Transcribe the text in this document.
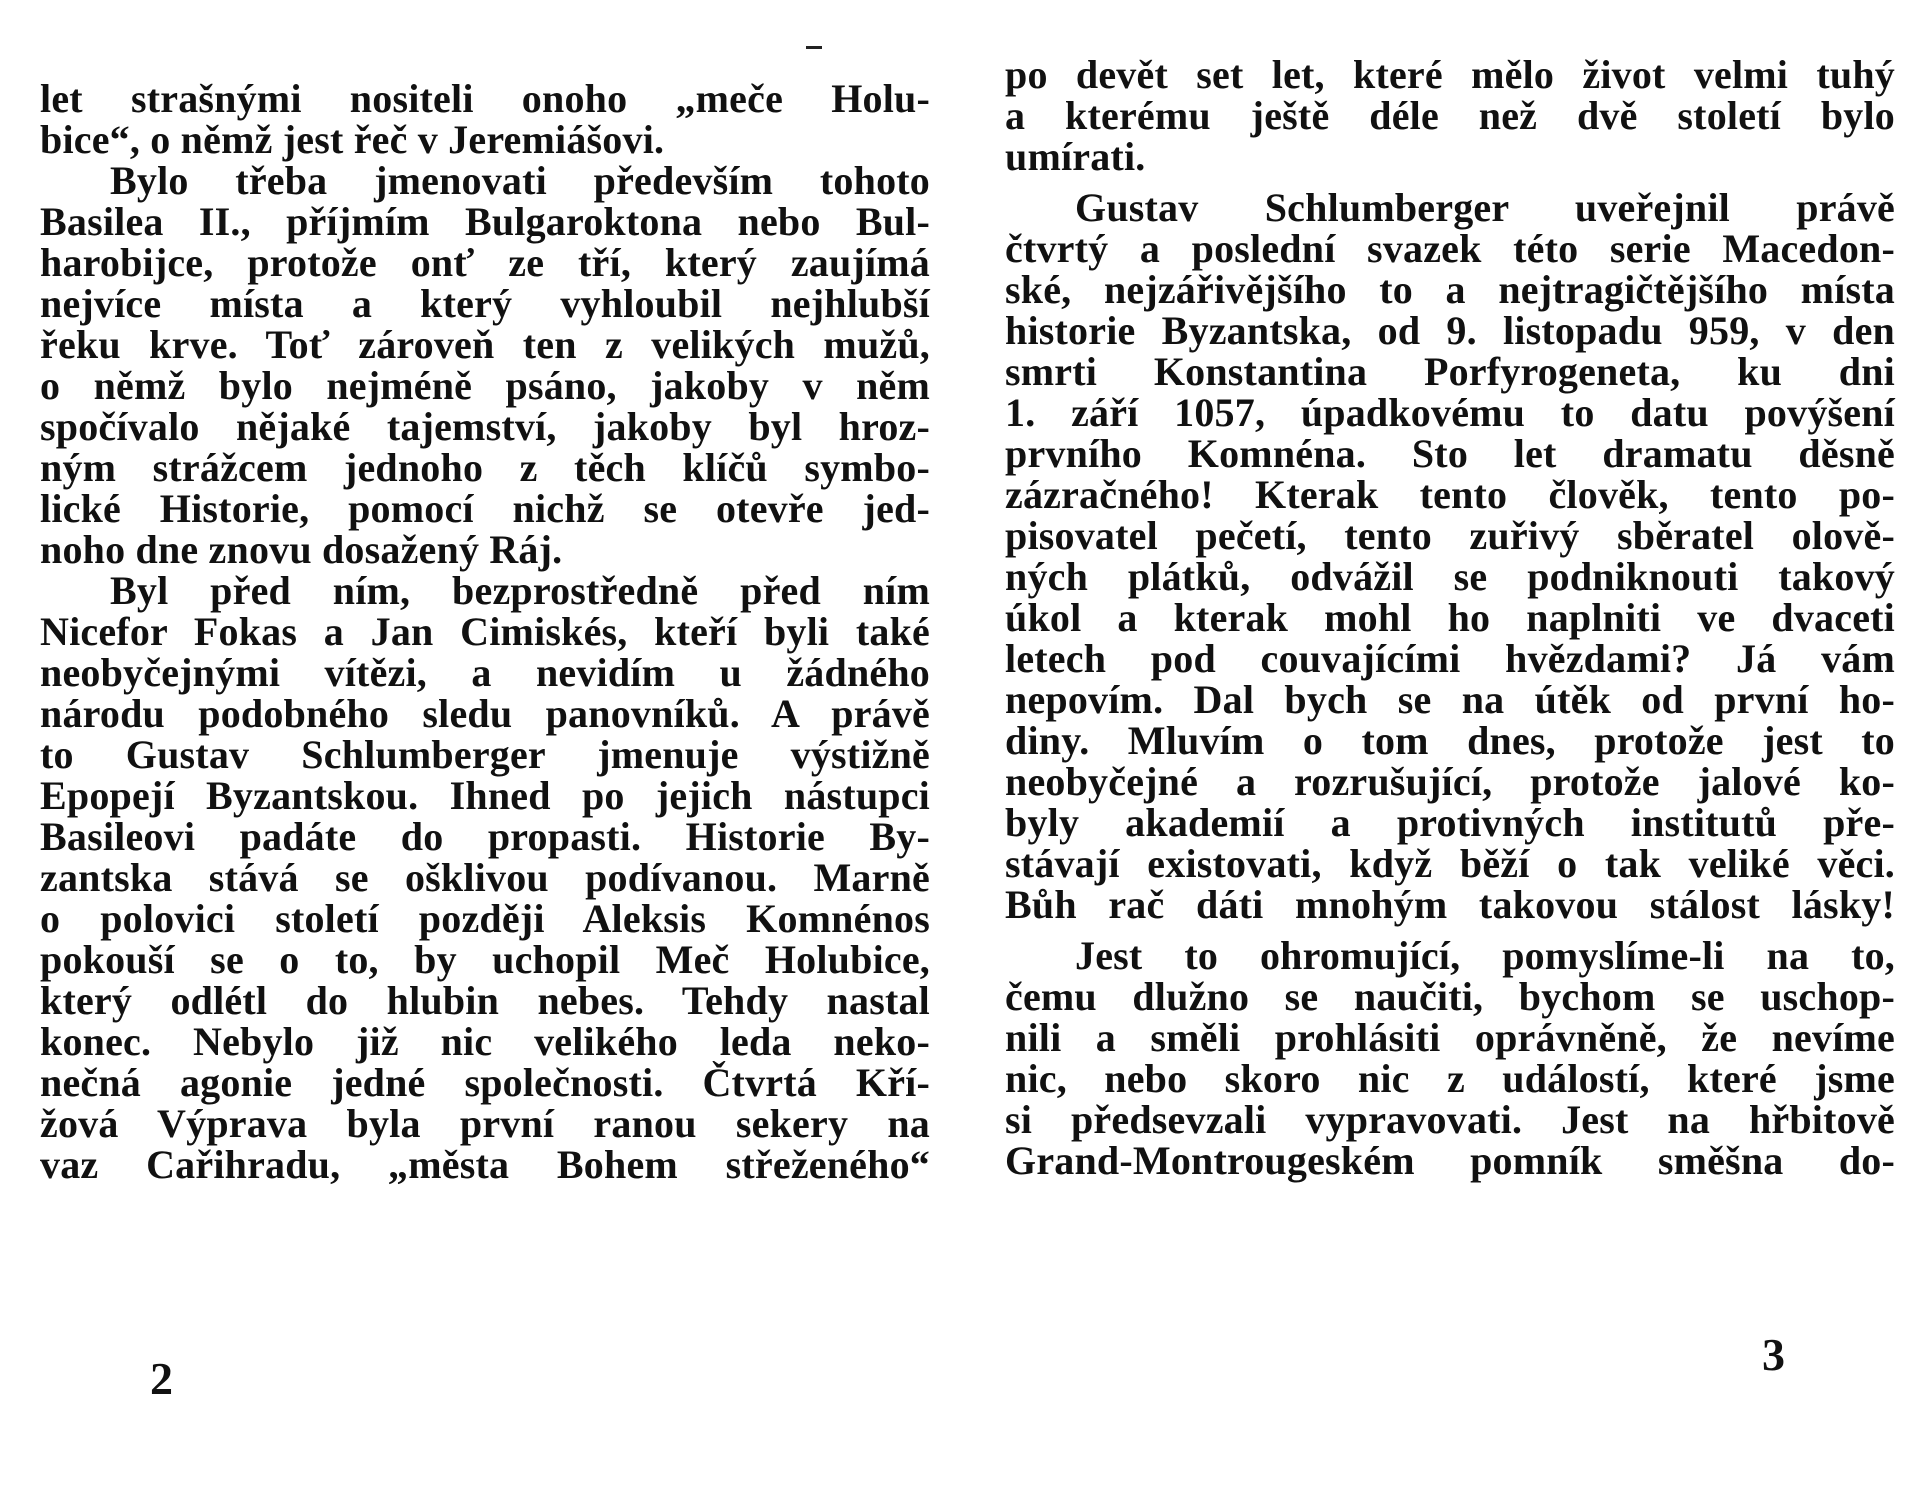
let strašnými nositeli onoho „meče Holu‑
bice“, o němž jest řeč v Jeremiášovi.
Bylo třeba jmenovati především tohoto
Basilea II., příjmím Bulgaroktona nebo Bul‑
harobijce, protože onť ze tří, který zaujímá
nejvíce místa a který vyhloubil nejhlubší
řeku krve. Toť zároveň ten z velikých mužů,
o němž bylo nejméně psáno, jakoby v něm
spočívalo nějaké tajemství, jakoby byl hroz‑
ným strážcem jednoho z těch klíčů symbo‑
lické Historie, pomocí nichž se otevře jed‑
noho dne znovu dosažený Ráj.
Byl před ním, bezprostředně před ním
Nicefor Fokas a Jan Cimiskés, kteří byli také
neobyčejnými vítězi, a nevidím u žádného
národu podobného sledu panovníků. A právě
to Gustav Schlumberger jmenuje výstižně
Epopejí Byzantskou. Ihned po jejich nástupci
Basileovi padáte do propasti. Historie By‑
zantska stává se ošklivou podívanou. Marně
o polovici století později Aleksis Komnénos
pokouší se o to, by uchopil Meč Holubice,
který odlétl do hlubin nebes. Tehdy nastal
konec. Nebylo již nic velikého leda neko‑
nečná agonie jedné společnosti. Čtvrtá Kří‑
žová Výprava byla první ranou sekery na
vaz Cařihradu, „města Bohem střeženého“
2
po devět set let, které mělo život velmi tuhý
a kterému ještě déle než dvě století bylo
umírati.
Gustav Schlumberger uveřejnil právě
čtvrtý a poslední svazek této serie Macedon‑
ské, nejzářivějšího to a nejtragičtějšího místa
historie Byzantska, od 9. listopadu 959, v den
smrti Konstantina Porfyrogeneta, ku dni
1. září 1057, úpadkovému to datu povýšení
prvního Komnéna. Sto let dramatu děsně
zázračného! Kterak tento člověk, tento po‑
pisovatel pečetí, tento zuřivý sběratel olově‑
ných plátků, odvážil se podniknouti takový
úkol a kterak mohl ho naplniti ve dvaceti
letech pod couvajícími hvězdami? Já vám
nepovím. Dal bych se na útěk od první ho‑
diny. Mluvím o tom dnes, protože jest to
neobyčejné a rozrušující, protože jalové ko‑
byly akademií a protivných institutů pře‑
stávají existovati, když běží o tak veliké věci.
Bůh rač dáti mnohým takovou stálost lásky!
Jest to ohromující, pomyslíme‑li na to,
čemu dlužno se naučiti, bychom se uschop‑
nili a směli prohlásiti oprávněně, že nevíme
nic, nebo skoro nic z událostí, které jsme
si předsevzali vypravovati. Jest na hřbitově
Grand‑Montrougeském pomník směšna do‑
3
